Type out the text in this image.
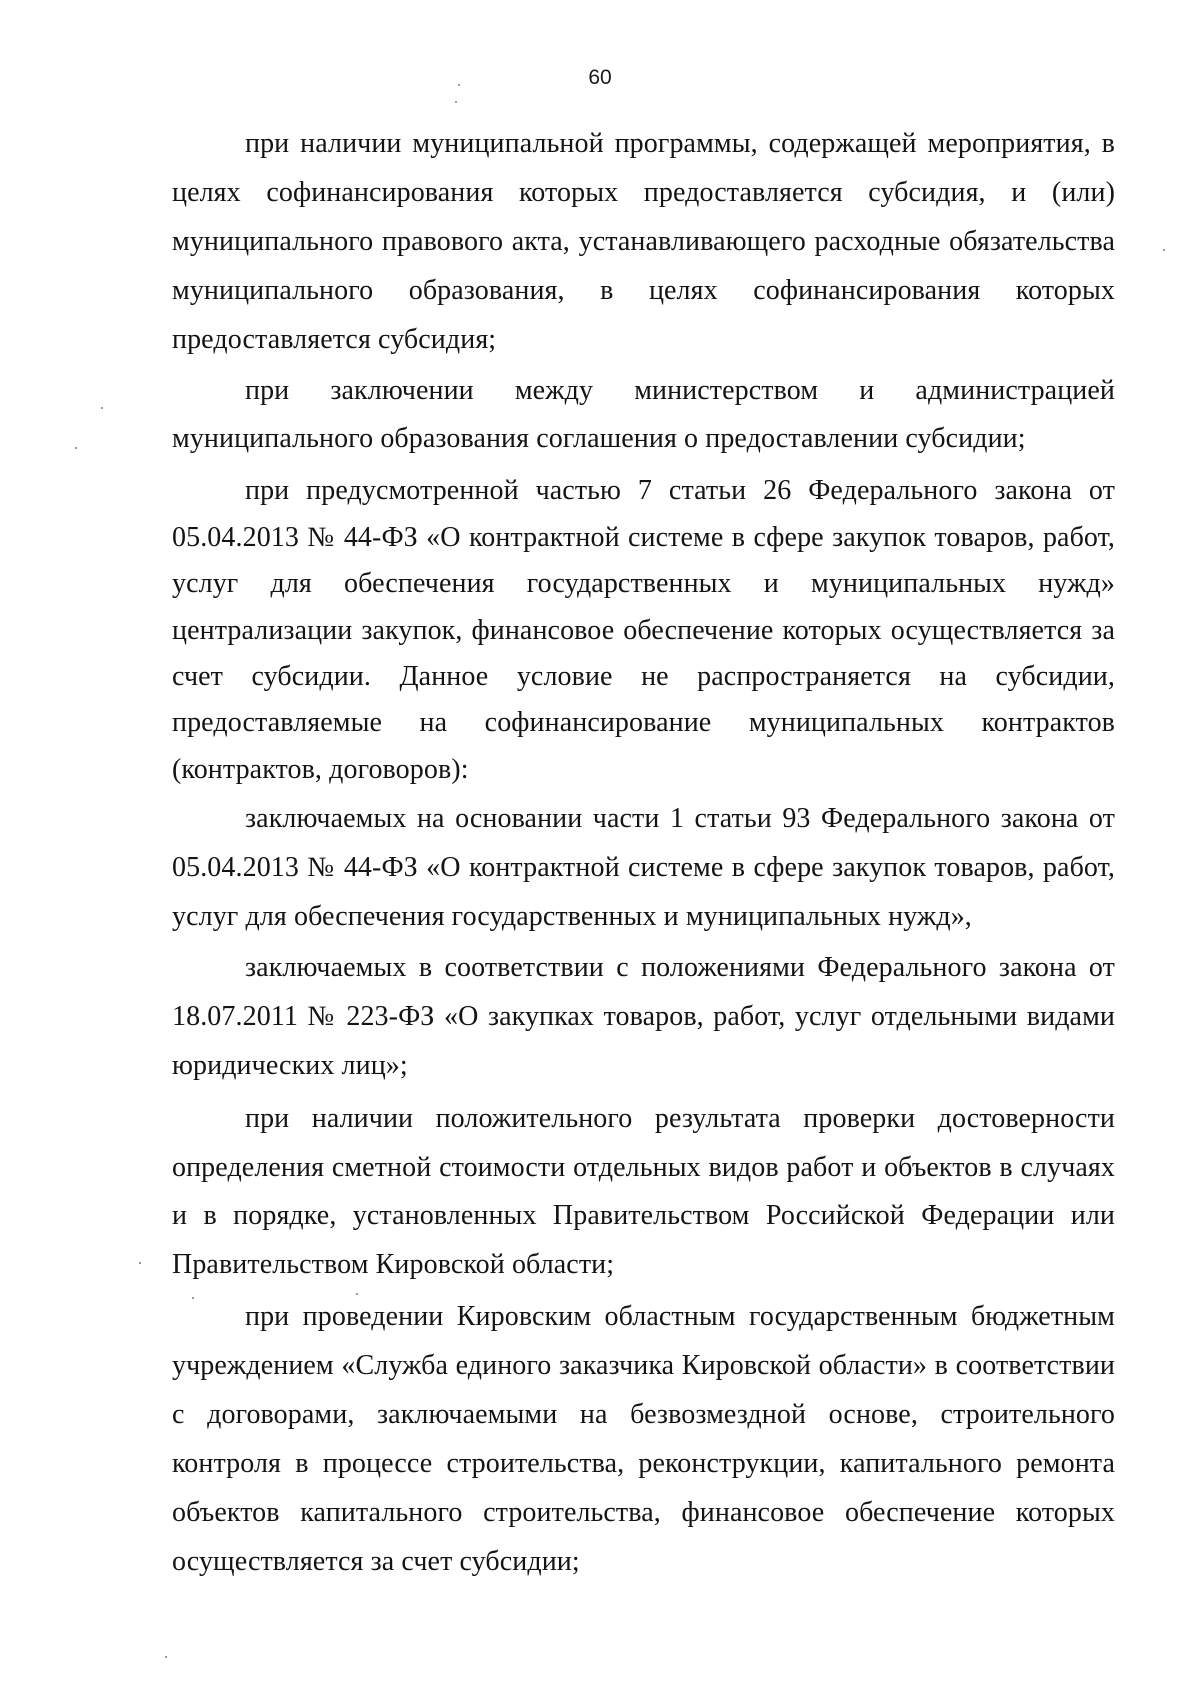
60

при наличии муниципальной программы, содержащей мероприятия, в целях софинансирования которых предоставляется субсидия, и (или) муниципального правового акта, устанавливающего расходные обязательства муниципального образования, в целях софинансирования которых предоставляется субсидия;

при заключении между министерством и администрацией муниципального образования соглашения о предоставлении субсидии;

при предусмотренной частью 7 статьи 26 Федерального закона от 05.04.2013 № 44-ФЗ «О контрактной системе в сфере закупок товаров, работ, услуг для обеспечения государственных и муниципальных нужд» централизации закупок, финансовое обеспечение которых осуществляется за счет субсидии. Данное условие не распространяется на субсидии, предоставляемые на софинансирование муниципальных контрактов (контрактов, договоров):

заключаемых на основании части 1 статьи 93 Федерального закона от 05.04.2013 № 44-ФЗ «О контрактной системе в сфере закупок товаров, работ, услуг для обеспечения государственных и муниципальных нужд»,

заключаемых в соответствии с положениями Федерального закона от 18.07.2011 № 223-ФЗ «О закупках товаров, работ, услуг отдельными видами юридических лиц»;

при наличии положительного результата проверки достоверности определения сметной стоимости отдельных видов работ и объектов в случаях и в порядке, установленных Правительством Российской Федерации или Правительством Кировской области;

при проведении Кировским областным государственным бюджетным учреждением «Служба единого заказчика Кировской области» в соответствии с договорами, заключаемыми на безвозмездной основе, строительного контроля в процессе строительства, реконструкции, капитального ремонта объектов капитального строительства, финансовое обеспечение которых осуществляется за счет субсидии;
